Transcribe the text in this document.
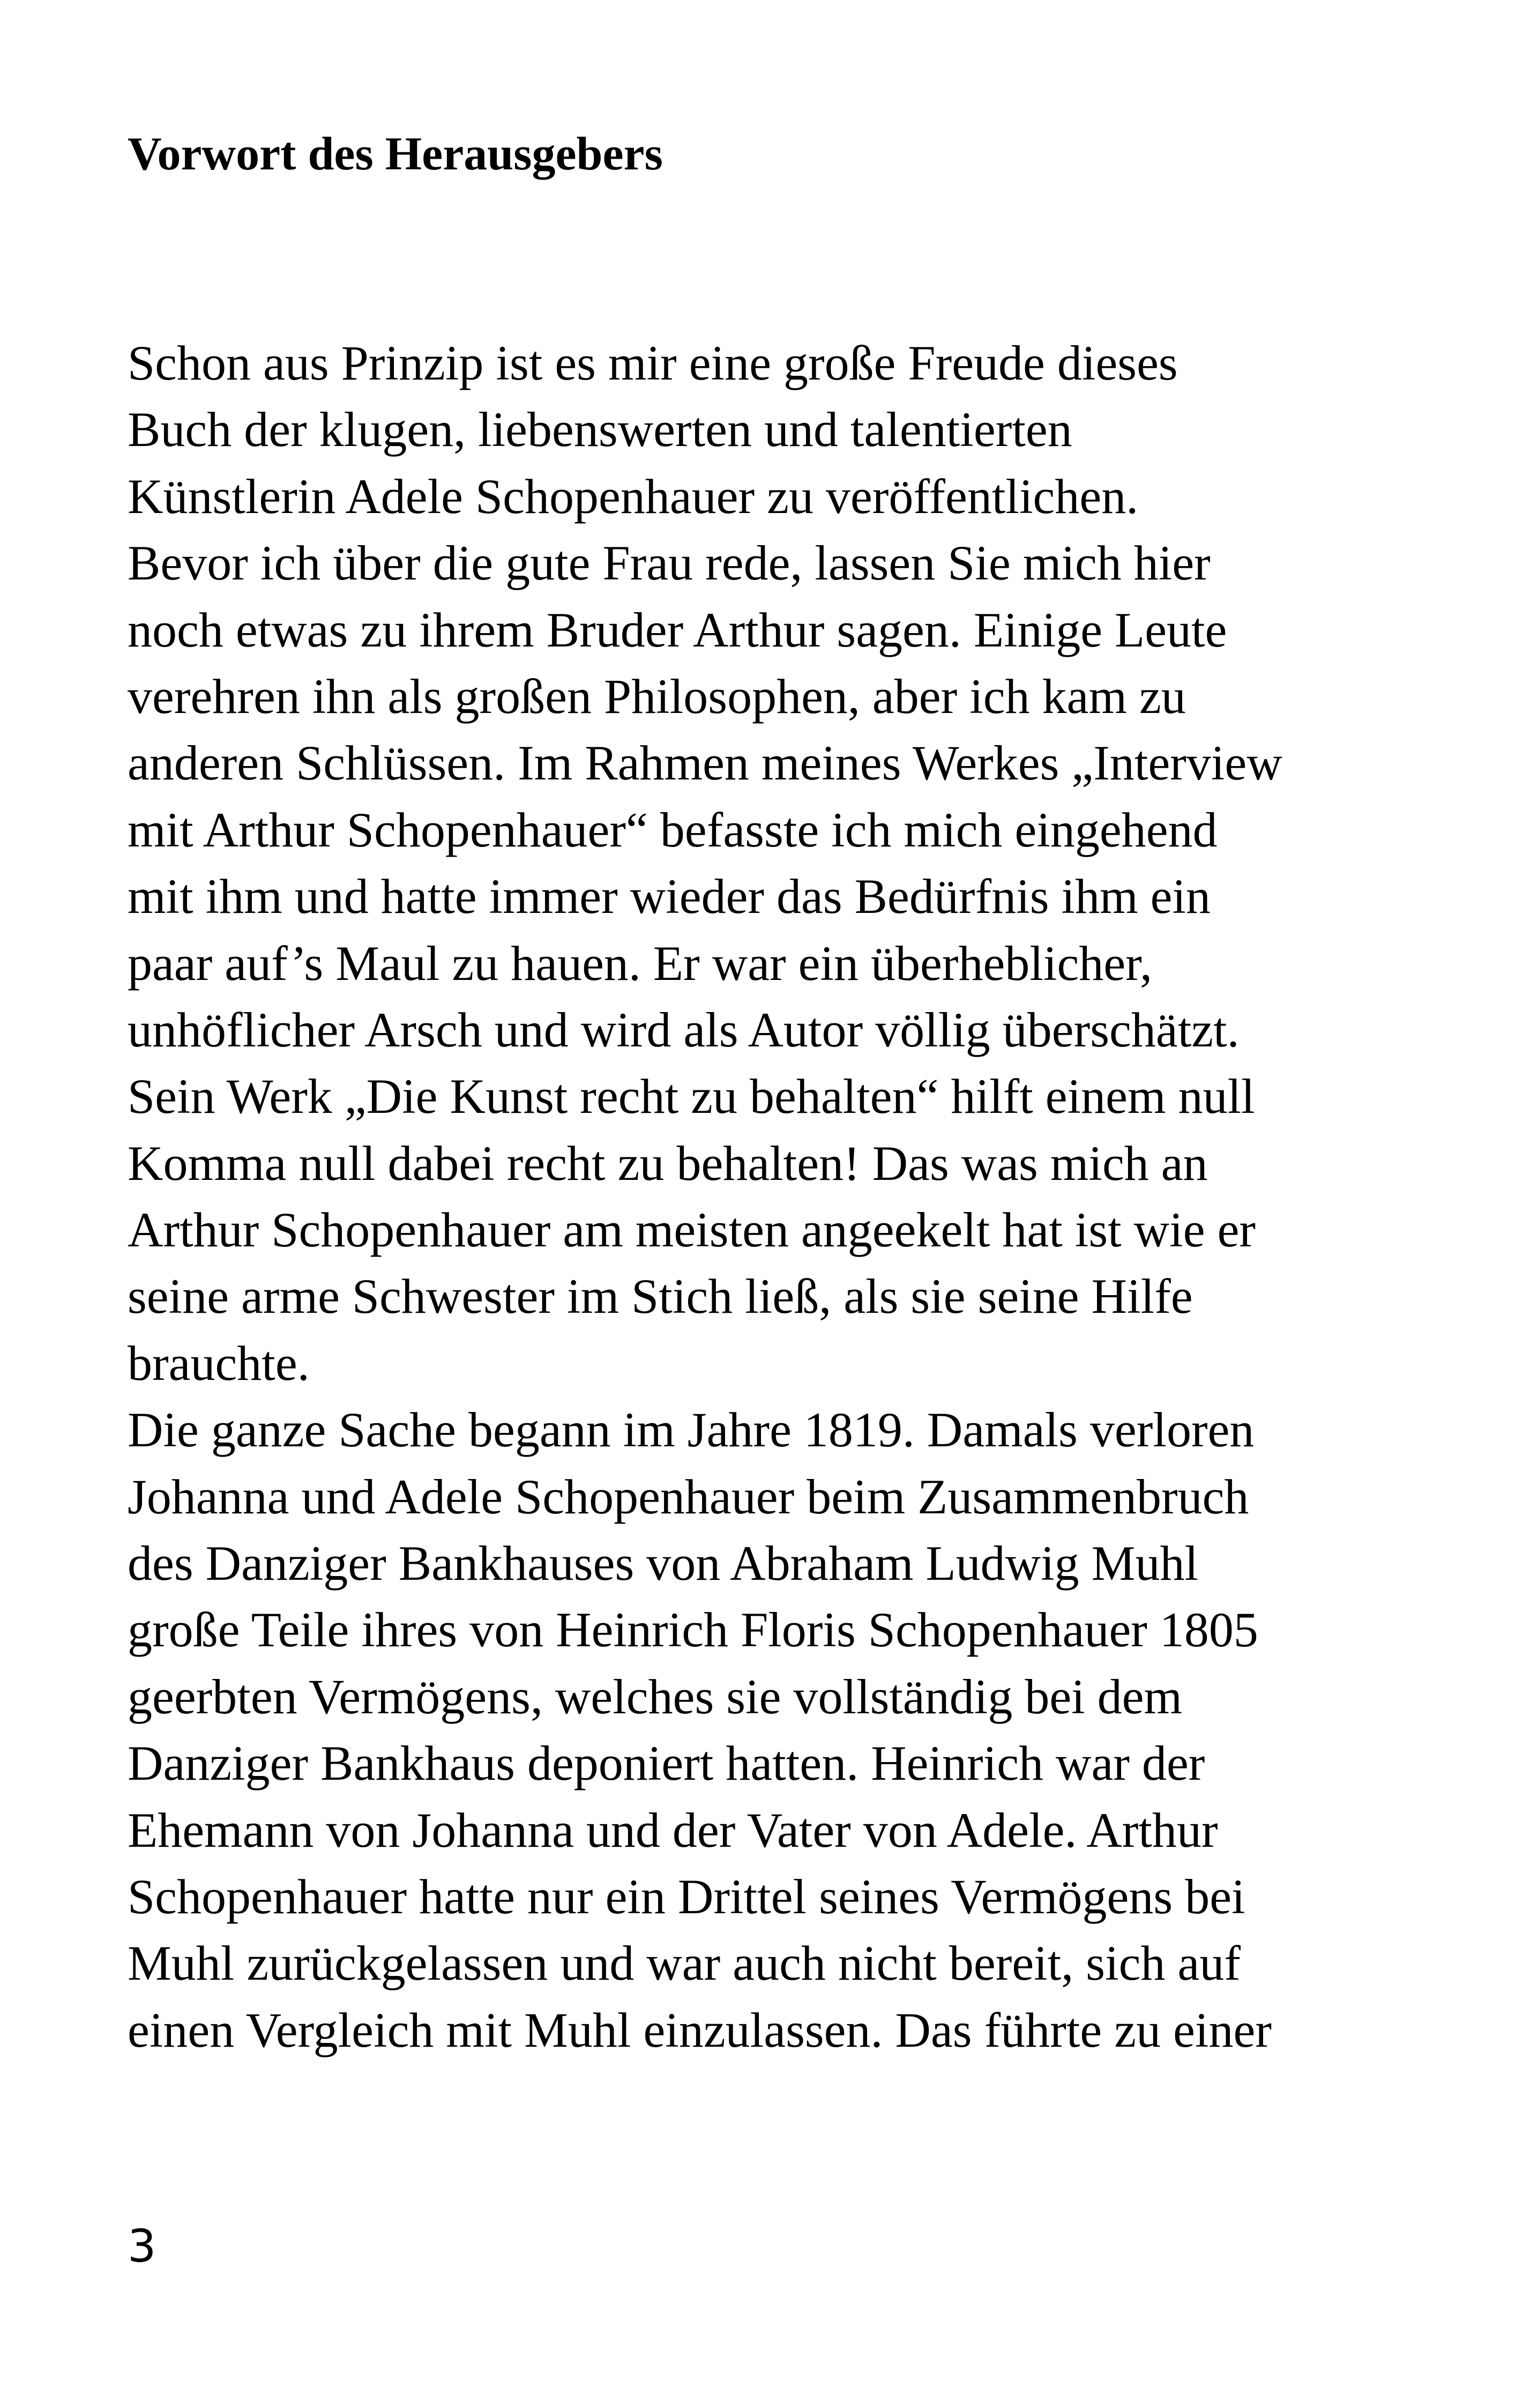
Vorwort des Herausgebers
Schon aus Prinzip ist es mir eine große Freude dieses
Buch der klugen, liebenswerten und talentierten
Künstlerin Adele Schopenhauer zu veröffentlichen.
Bevor ich über die gute Frau rede, lassen Sie mich hier
noch etwas zu ihrem Bruder Arthur sagen. Einige Leute
verehren ihn als großen Philosophen, aber ich kam zu
anderen Schlüssen. Im Rahmen meines Werkes „Interview
mit Arthur Schopenhauer“ befasste ich mich eingehend
mit ihm und hatte immer wieder das Bedürfnis ihm ein
paar auf’s Maul zu hauen. Er war ein überheblicher,
unhöflicher Arsch und wird als Autor völlig überschätzt.
Sein Werk „Die Kunst recht zu behalten“ hilft einem null
Komma null dabei recht zu behalten! Das was mich an
Arthur Schopenhauer am meisten angeekelt hat ist wie er
seine arme Schwester im Stich ließ, als sie seine Hilfe
brauchte.
Die ganze Sache begann im Jahre 1819. Damals verloren
Johanna und Adele Schopenhauer beim Zusammenbruch
des Danziger Bankhauses von Abraham Ludwig Muhl
große Teile ihres von Heinrich Floris Schopenhauer 1805
geerbten Vermögens, welches sie vollständig bei dem
Danziger Bankhaus deponiert hatten. Heinrich war der
Ehemann von Johanna und der Vater von Adele. Arthur
Schopenhauer hatte nur ein Drittel seines Vermögens bei
Muhl zurückgelassen und war auch nicht bereit, sich auf
einen Vergleich mit Muhl einzulassen. Das führte zu einer
3
